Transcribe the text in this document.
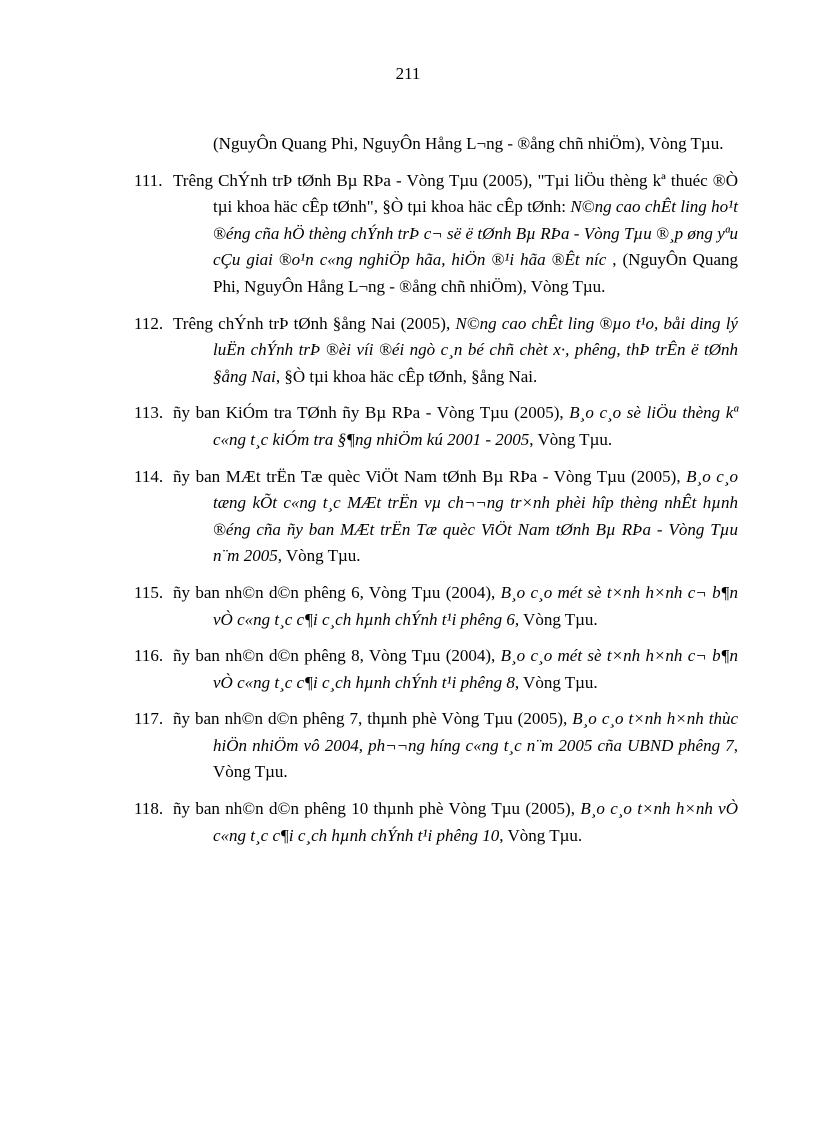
211
(NguyÔn Quang Phi, NguyÔn Hång L¬ng - ®ång chñ nhiÖm), Vòng Tµu.
111. Trêng ChÝnh trÞ tØnh Bµ RÞa - Vòng Tµu (2005), "Tµi liÖu thèng kª thuéc ®Ò tµi khoa häc cÊp tØnh", §Ò tµi khoa häc cÊp tØnh: N©ng cao chÊt ling ho¹t ®éng cña hÖ thèng chÝnh trÞ c¬ së ë tØnh Bµ RÞa - Vòng Tµu ®¸p øng yªu cÇu giai ®o¹n c«ng nghiÖp hãa, hiÖn ®¹i hãa ®Êt níc , (NguyÔn Quang Phi, NguyÔn Hång L¬ng - ®ång chñ nhiÖm), Vòng Tµu.
112. Trêng chÝnh trÞ tØnh §ång Nai (2005), N©ng cao chÊt ling ®µo t¹o, båi ding lý luËn chÝnh trÞ ®èi víi ®éi ngò c¸n bé chñ chèt x·, phêng, thÞ trÊn ë tØnh §ång Nai, §Ò tµi khoa häc cÊp tØnh, §ång Nai.
113. ñy ban KiÓm tra TØnh ñy Bµ RÞa - Vòng Tµu (2005), B¸o c¸o sè liÖu thèng kª c«ng t¸c kiÓm tra §¶ng nhiÖm kú 2001 - 2005, Vòng Tµu.
114. ñy ban MÆt trËn Tæ quèc ViÖt Nam tØnh Bµ RÞa - Vòng Tµu (2005), B¸o c¸o tæng kÕt c«ng t¸c MÆt trËn vµ ch¬¬ng tr×nh phèi hîp thèng nhÊt hµnh ®éng cña ñy ban MÆt trËn Tæ quèc ViÖt Nam tØnh Bµ RÞa - Vòng Tµu n¨m 2005, Vòng Tµu.
115. ñy ban nh©n d©n phêng 6, Vòng Tµu (2004), B¸o c¸o mét sè t×nh h×nh c¬ b¶n vÒ c«ng t¸c c¶i c¸ch hµnh chÝnh t¹i phêng 6, Vòng Tµu.
116. ñy ban nh©n d©n phêng 8, Vòng Tµu (2004), B¸o c¸o mét sè t×nh h×nh c¬ b¶n vÒ c«ng t¸c c¶i c¸ch hµnh chÝnh t¹i phêng 8, Vòng Tµu.
117. ñy ban nh©n d©n phêng 7, thµnh phè Vòng Tµu (2005), B¸o c¸o t×nh h×nh thùc hiÖn nhiÖm vô 2004, ph¬¬ng híng c«ng t¸c n¨m 2005 cña UBND phêng 7, Vòng Tµu.
118. ñy ban nh©n d©n phêng 10 thµnh phè Vòng Tµu (2005), B¸o c¸o t×nh h×nh vÒ c«ng t¸c c¶i c¸ch hµnh chÝnh t¹i phêng 10, Vòng Tµu.
